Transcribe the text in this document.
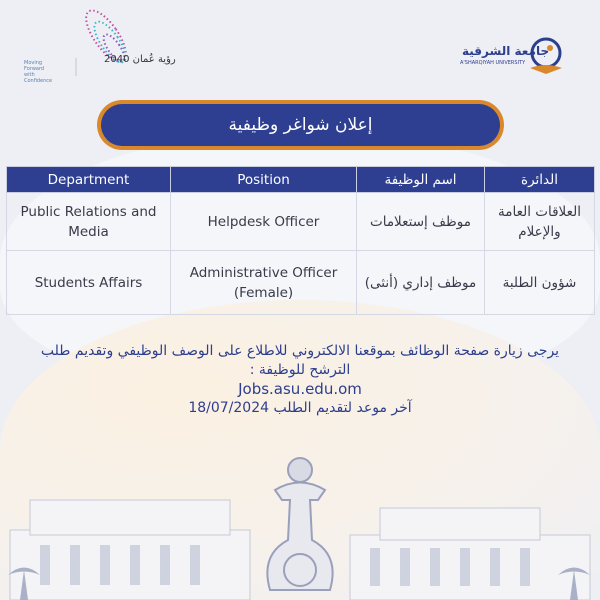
Moving Forward with Confidence
رؤية عُمان 2040
جامعة الشرقية
A'SHARQIYAH UNIVERSITY
إعلان شواغر وظيفية
Department	Position	اسم الوظيفة	الدائرة
Public Relations and Media	Helpdesk Officer	موظف إستعلامات	العلاقات العامة والإعلام
Students Affairs	Administrative Officer (Female)	موظف إداري (أنثى)	شؤون الطلبة
يرجى زيارة صفحة الوظائف بموقعنا الالكتروني للاطلاع على الوصف الوظيفي وتقديم طلب الترشح للوظيفة :
Jobs.asu.edu.om
آخر موعد لتقديم الطلب 18/07/2024
